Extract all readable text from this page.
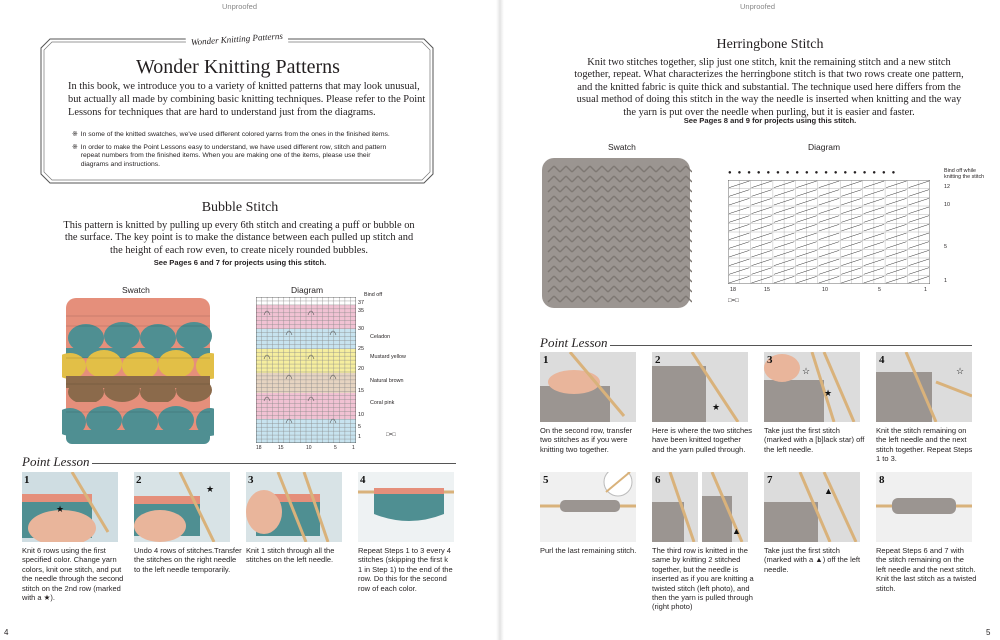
Unproofed	Unproofed
Wonder Knitting Patterns
Wonder Knitting Patterns
In this book, we introduce you to a variety of knitted patterns that may look unusual,
but actually all made by combining basic knitting techniques. Please refer to the Point
Lessons for techniques that are hard to understand just from the diagrams.
※ In some of the knitted swatches, we've used different colored yarns from the ones in the finished items.
※ In order to make the Point Lessons easy to understand, we have used different row, stitch and pattern
repeat numbers from the finished items. When you are making one of the items, please use their
diagrams and instructions.
Bubble Stitch
This pattern is knitted by pulling up every 6th stitch and creating a puff or bubble on
the surface. The key point is to make the distance between each pulled up stitch and
the height of each row even, to create nicely rounded bubbles.
See Pages 6 and 7 for projects using this stitch.
Swatch	Diagram
18	15	10	5	1
Bind off
37
35
30
Celadon
25
Mustard yellow
20
Natural brown
15
Coral pink
10
5
1	□=□
Point Lesson
★
★
1	2	3	4
Knit 6 rows using the first
specified color. Change yarn
colors, knit one stitch, and put
the needle through the second
stitch on the 2nd row (marked
with a ★).
Undo 4 rows of stitches.Transfer
the stitches on the right needle
to the left needle temporarily.
Knit 1 stitch through all the
stitches on the left needle.
Repeat Steps 1 to 3 every 4
stitches (skipping the first k
1 in Step 1) to the end of the
row. Do this for the second
row of each color.
4
Herringbone Stitch
Knit two stitches together, slip just one stitch, knit the remaining stitch and a new stitch
together, repeat. What characterizes the herringbone stitch is that two rows create one pattern,
and the knitted fabric is quite thick and substantial. The technique used here differs from the
usual method of doing this stitch in the way the needle is inserted when knitting and the way
the yarn is put over the needle when purling, but it is easier and faster.
See Pages 8 and 9 for projects using this stitch.
Swatch	Diagram
●●●●●●●●●●●●●●●●●●	Bind off while
knitting the stitch
12
10
5
1
18	15	10	5	1
□=□
Point Lesson
★
☆
★
☆
▲
▲
1	2	3	4
5	6	7	8
On the second row, transfer
two stitches as if you were
knitting two together.
Here is where the two stitches
have been knitted together
and the yarn pulled through.
Take just the first stitch
(marked with a [b]lack star) off
the left needle.
Knit the stitch remaining on
the left needle and the next
stitch together. Repeat Steps
1 to 3.
Purl the last remaining stitch.	The third row is knitted in the
same by knitting 2 stitched
together, but the needle is
inserted as if you are knitting a
twisted stitch (left photo), and
then the yarn is pulled through
(right photo)
Take just the first stitch
(marked with a ▲) off the left
needle.
Repeat Steps 6 and 7 with
the stitch remaining on the
left needle and the next stitch.
Knit the last stitch as a twisted
stitch.
5
